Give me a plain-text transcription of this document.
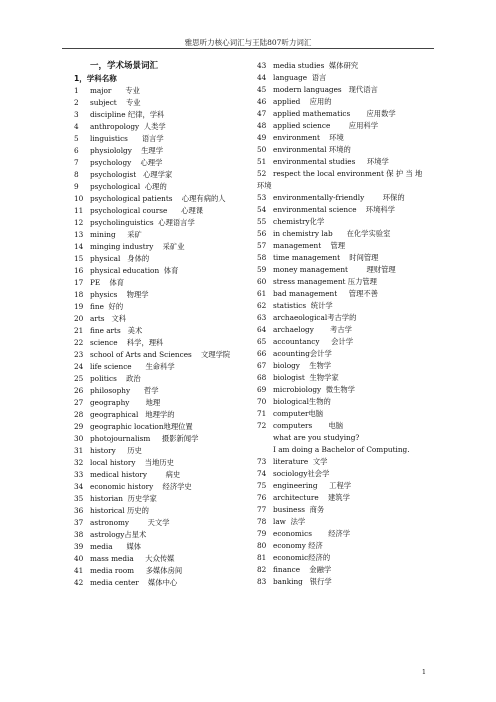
雅思听力核心词汇与王陆807听力词汇
一，学术场景词汇
1，学科名称
1	major      专业
2	subject    专业
3	discipline 纪律，学科
4	anthropology  人类学
5	linguistics      语言学
6	physiololgy    生理学
7	psychology    心理学
8	psychologist   心理学家
9	psychological  心理的
10 psychological patients    心理有病的人
11 psychological course      心理课
12 psycholinguistics  心理语言学
13 mining     采矿
14 minging industry    采矿业
15 physical   身体的
16 physical education  体育
17 PE    体育
18 physics    物理学
19 fine  好的
20 arts   文科
21 fine arts   美术
22 science    科学，理科
23 school of Arts and Sciences    文理学院
24 life science      生命科学
25 politics    政治
26 philosophy      哲学
27 geography       地理
28 geographical   地理学的
29 geographic location地理位置
30 photojournalism     摄影新闻学
31 history     历史
32 local history    当地历史
33 medical history        病史
34 economic history    经济学史
35 historian  历史学家
36 historical 历史的
37 astronomy        天文学
38 astrology占星术
39 media      媒体
40 mass media     大众传媒
41 media room     多媒体房间
42 media center    媒体中心
43 media studies  媒体研究
44 language  语言
45 modern languages   现代语言
46 applied    应用的
47 applied mathematics       应用数学
48 applied science        应用科学
49 environment    环境
50 environmental 环境的
51 environmental studies     环境学
52 respect the local environment 保 护 当 地
环境
53 environmentally-friendly        环保的
54 environmental science    环境科学
55 chemistry化学
56 in chemistry lab      在化学实验室
57 management    管理
58 time management    时间管理
59 money management        理财管理
60 stress management 压力管理
61 bad management     管理不善
62 statistics  统计学
63 archaeological考古学的
64 archaelogy       考古学
65 accountancy     会计学
66 acounting会计学
67 biology    生物学
68 biologist  生物学家
69 microbiology  微生物学
70 biological生物的
71 computer电脑
72 computers       电脑
what are you studying?
I am doing a Bachelor of Computing.
73 literature  文学
74 sociology社会学
75 engineering     工程学
76 architecture    建筑学
77 business  商务
78 law  法学
79 economics       经济学
80 economy 经济
81 economic经济的
82 finance    金融学
83 banking   银行学
1
